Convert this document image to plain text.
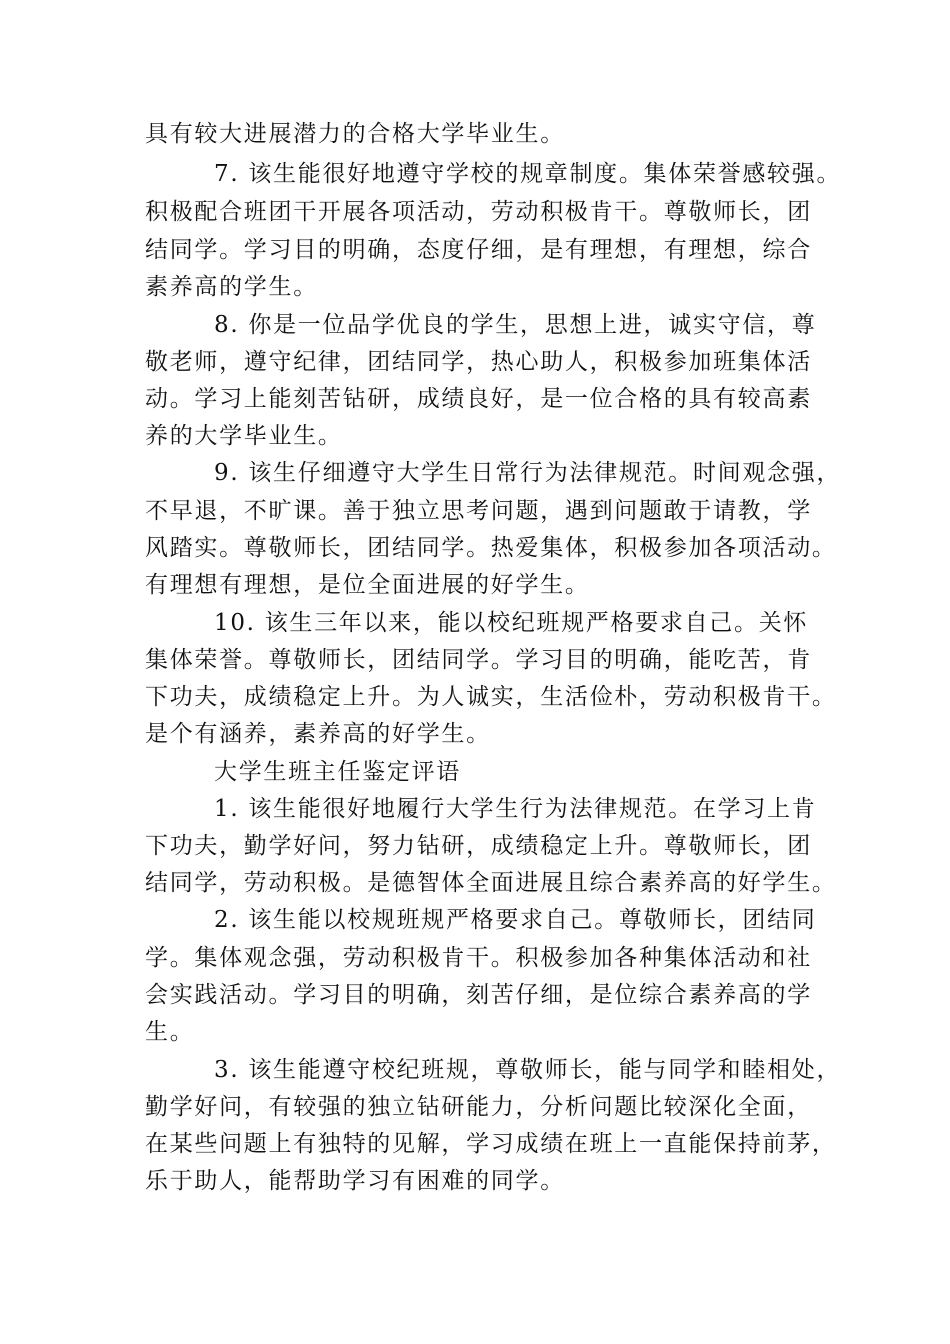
具有较大进展潜力的合格大学毕业生。
7. 该生能很好地遵守学校的规章制度。集体荣誉感较强。
积极配合班团干开展各项活动，劳动积极肯干。尊敬师长，团
结同学。学习目的明确，态度仔细，是有理想，有理想，综合
素养高的学生。
8. 你是一位品学优良的学生，思想上进，诚实守信，尊
敬老师，遵守纪律，团结同学，热心助人，积极参加班集体活
动。学习上能刻苦钻研，成绩良好，是一位合格的具有较高素
养的大学毕业生。
9. 该生仔细遵守大学生日常行为法律规范。时间观念强，
不早退，不旷课。善于独立思考问题，遇到问题敢于请教，学
风踏实。尊敬师长，团结同学。热爱集体，积极参加各项活动。
有理想有理想，是位全面进展的好学生。
10. 该生三年以来，能以校纪班规严格要求自己。关怀
集体荣誉。尊敬师长，团结同学。学习目的明确，能吃苦，肯
下功夫，成绩稳定上升。为人诚实，生活俭朴，劳动积极肯干。
是个有涵养，素养高的好学生。
大学生班主任鉴定评语
1. 该生能很好地履行大学生行为法律规范。在学习上肯
下功夫，勤学好问，努力钻研，成绩稳定上升。尊敬师长，团
结同学，劳动积极。是德智体全面进展且综合素养高的好学生。
2. 该生能以校规班规严格要求自己。尊敬师长，团结同
学。集体观念强，劳动积极肯干。积极参加各种集体活动和社
会实践活动。学习目的明确，刻苦仔细，是位综合素养高的学
生。
3. 该生能遵守校纪班规，尊敬师长，能与同学和睦相处，
勤学好问，有较强的独立钻研能力，分析问题比较深化全面，
在某些问题上有独特的见解，学习成绩在班上一直能保持前茅，
乐于助人，能帮助学习有困难的同学。
